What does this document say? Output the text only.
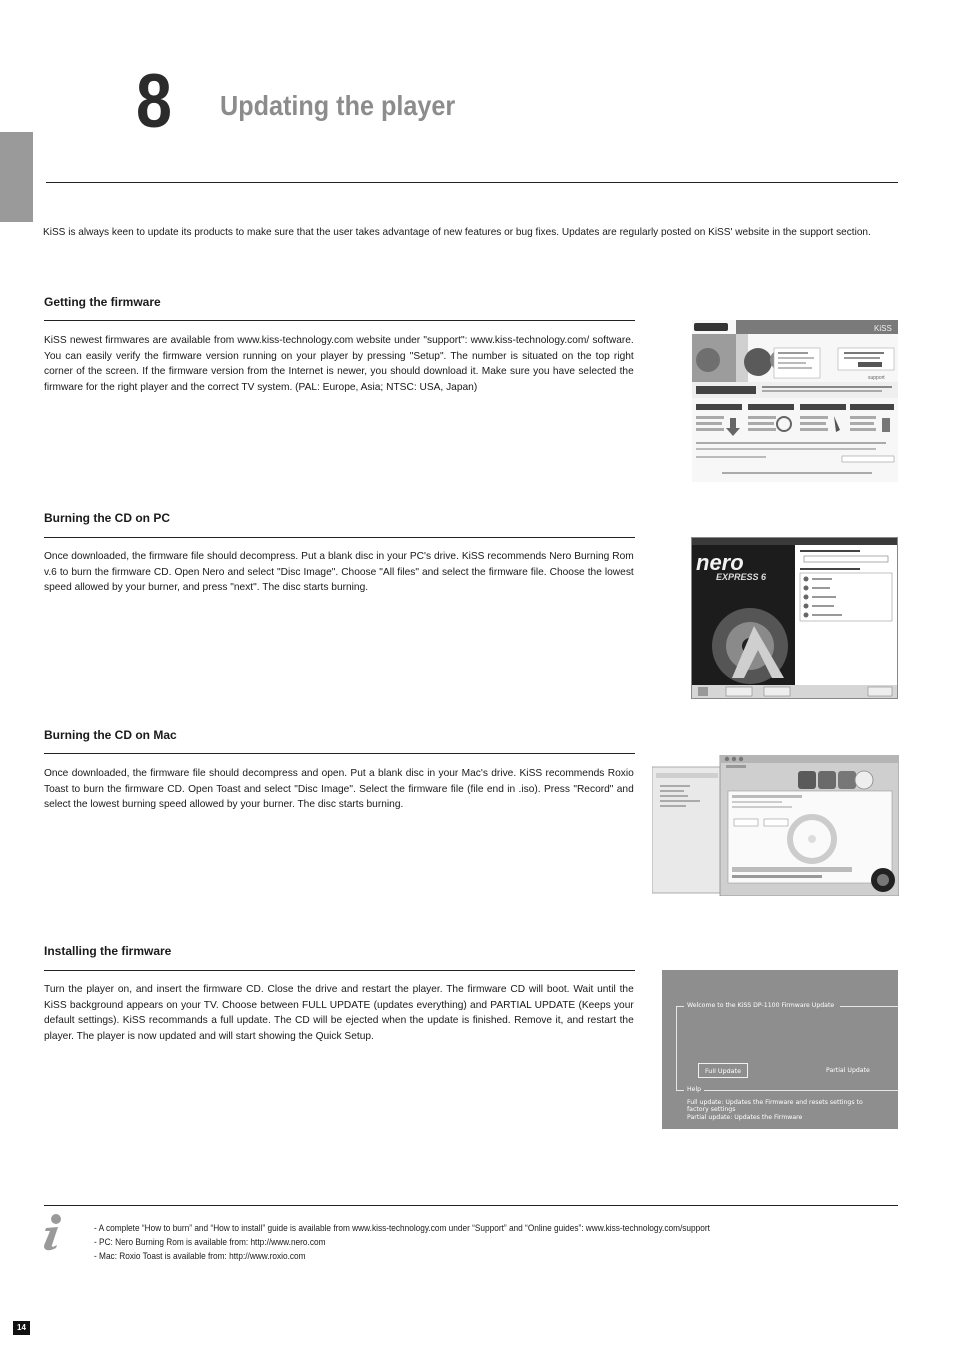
8 Updating the player
KiSS is always keen to update its products to make sure that the user takes advantage of new features or bug fixes. Updates are regularly posted on KiSS' website in the support section.
Getting the firmware
KiSS newest firmwares are available from www.kiss-technology.com website under "support": www.kiss-technology.com/ software. You can easily verify the firmware version running on your player by pressing "Setup". The number is situated on the top right corner of the screen. If the firmware version from the Internet is newer, you should download it. Make sure you have selected the firmware for the right player and the correct TV system. (PAL: Europe, Asia; NTSC: USA, Japan)
Burning the CD on PC
Once downloaded, the firmware file should decompress. Put a blank disc in your PC's drive. KiSS recommends Nero Burning Rom v.6 to burn the firmware CD. Open Nero and select "Disc Image". Choose "All files" and select the firmware file. Choose the lowest speed allowed by your burner, and press "next". The disc starts burning.
Burning the CD on Mac
Once downloaded, the firmware file should decompress and open. Put a blank disc in your Mac's drive. KiSS recommends Roxio Toast to burn the firmware CD. Open Toast and select "Disc Image". Select the firmware file (file end in .iso). Press "Record" and select the lowest burning speed allowed by your burner. The disc starts burning.
Installing the firmware
Turn the player on, and insert the firmware CD. Close the drive and restart the player. The firmware CD will boot. Wait until the KiSS background appears on your TV. Choose between FULL UPDATE (updates everything) and PARTIAL UPDATE (Keeps your default settings). KiSS recommands a full update. The CD will be ejected when the update is finished. Remove it, and restart the player. The player is now updated and will start showing the Quick Setup.
KiSS
support
nero
EXPRESS 6
Welcome to the KiSS DP-1100 Firmware Update
Full Update	Partial Update
Help
Full update: Updates the Firmware and resets settings to
factory settings
Partial update: Updates the Firmware
- A complete “How to burn” and “How to install” guide is available from www.kiss-technology.com under “Support” and “Online guides”: www.kiss-technology.com/support
- PC: Nero Burning Rom is available from: http://www.nero.com
- Mac: Roxio Toast is available from: http://www.roxio.com
14
